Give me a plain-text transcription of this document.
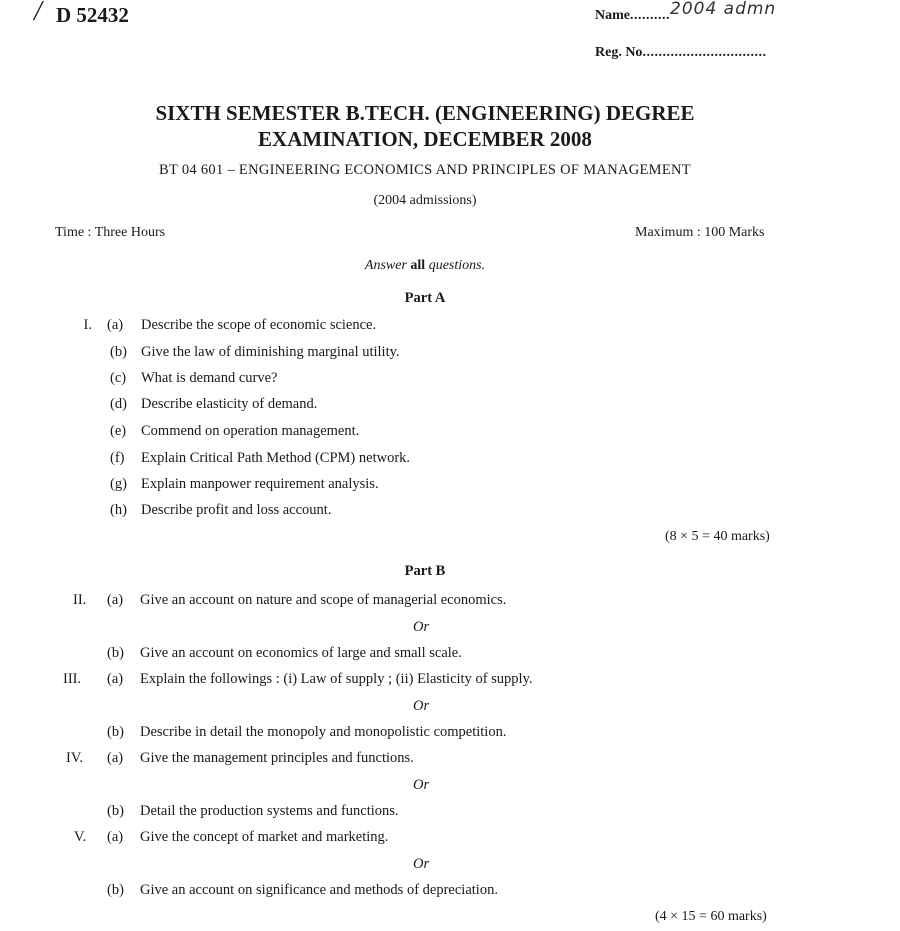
/ D 52432	Name.......... 2004 admn
Reg. No...............................
SIXTH SEMESTER B.TECH. (ENGINEERING) DEGREE
EXAMINATION, DECEMBER 2008
BT 04 601 – ENGINEERING ECONOMICS AND PRINCIPLES OF MANAGEMENT
(2004 admissions)
Time : Three Hours	Maximum : 100 Marks
Answer all questions.
Part A
I. (a) Describe the scope of economic science.
(b) Give the law of diminishing marginal utility.
(c) What is demand curve?
(d) Describe elasticity of demand.
(e) Commend on operation management.
(f) Explain Critical Path Method (CPM) network.
(g) Explain manpower requirement analysis.
(h) Describe profit and loss account.
(8 × 5 = 40 marks)
Part B
II. (a) Give an account on nature and scope of managerial economics.
Or
(b) Give an account on economics of large and small scale.
III. (a) Explain the followings : (i) Law of supply ; (ii) Elasticity of supply.
Or
(b) Describe in detail the monopoly and monopolistic competition.
IV. (a) Give the management principles and functions.
Or
(b) Detail the production systems and functions.
V. (a) Give the concept of market and marketing.
Or
(b) Give an account on significance and methods of depreciation.
(4 × 15 = 60 marks)
